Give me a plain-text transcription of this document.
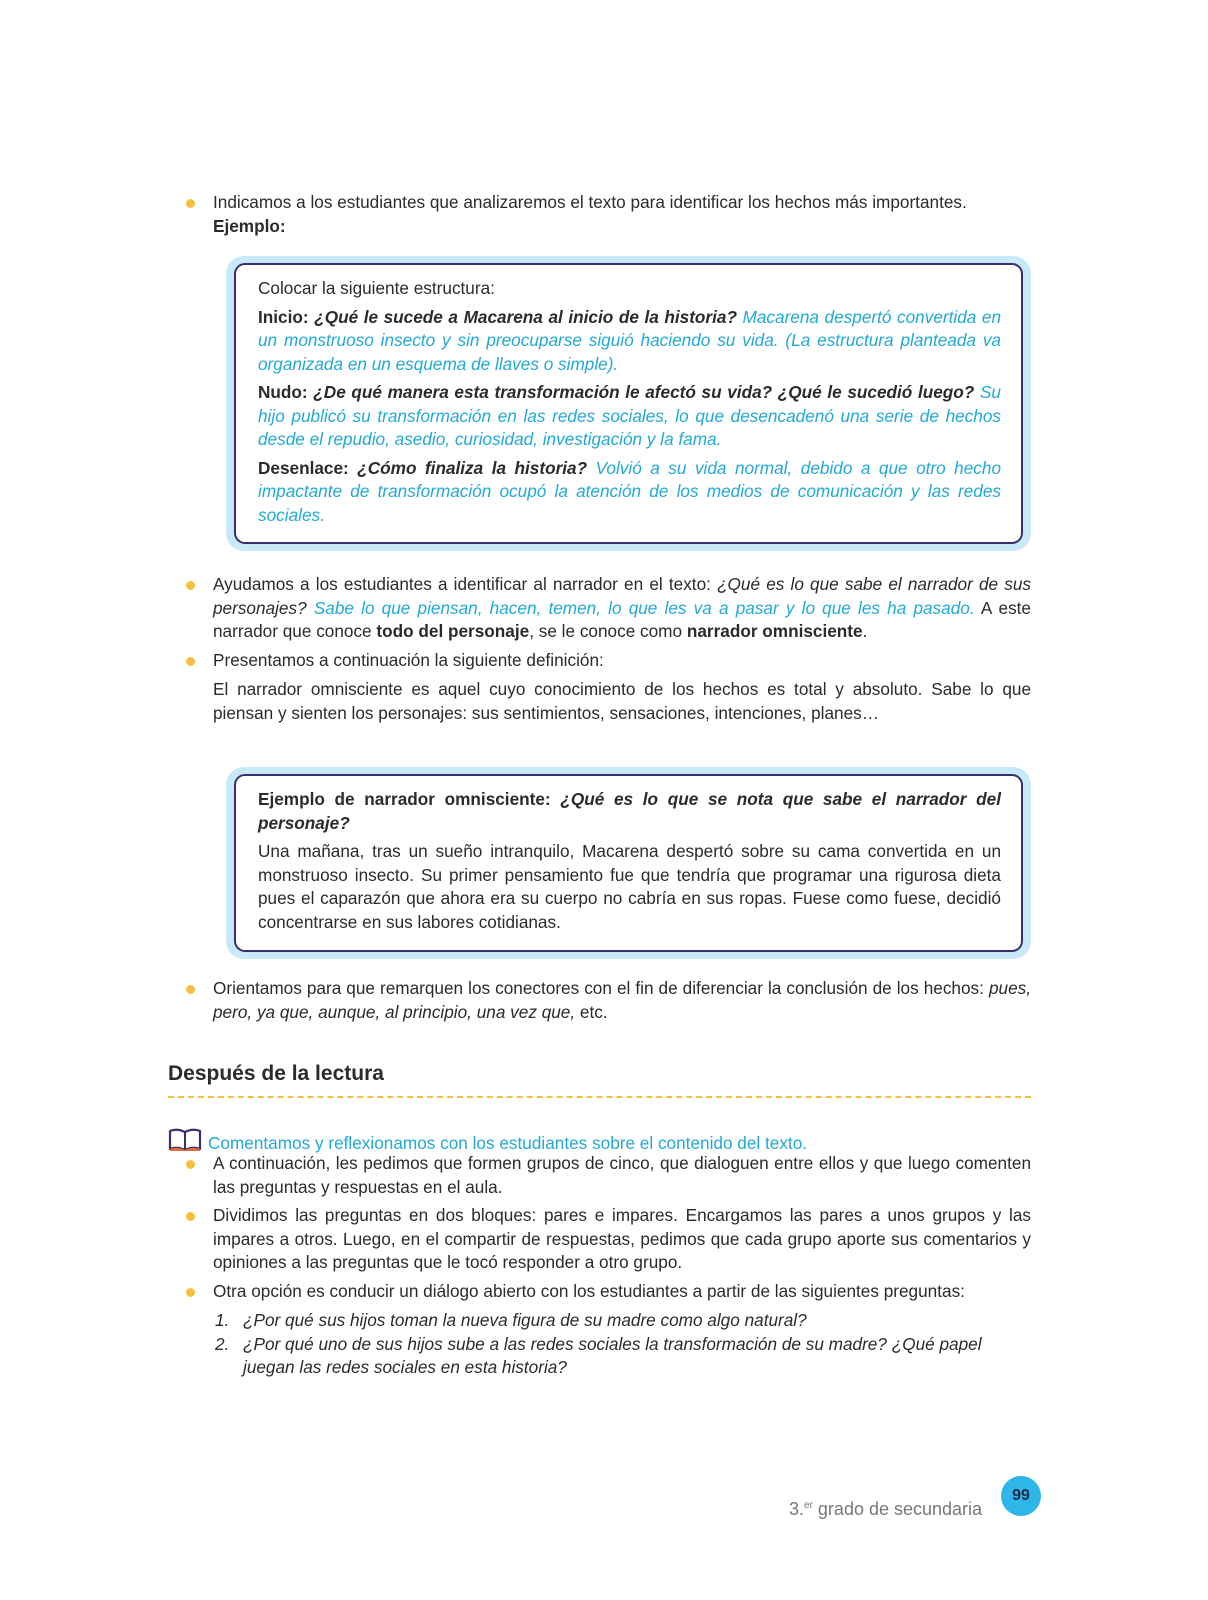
Indicamos a los estudiantes que analizaremos el texto para identificar los hechos más importantes.
Ejemplo:

Colocar la siguiente estructura:

Inicio: ¿Qué le sucede a Macarena al inicio de la historia? Macarena despertó convertida en un monstruoso insecto y sin preocuparse siguió haciendo su vida. (La estructura planteada va organizada en un esquema de llaves o simple).

Nudo: ¿De qué manera esta transformación le afectó su vida? ¿Qué le sucedió luego? Su hijo publicó su transformación en las redes sociales, lo que desencadenó una serie de hechos desde el repudio, asedio, curiosidad, investigación y la fama.

Desenlace: ¿Cómo finaliza la historia? Volvió a su vida normal, debido a que otro hecho impactante de transformación ocupó la atención de los medios de comunicación y las redes sociales.

Ayudamos a los estudiantes a identificar al narrador en el texto: ¿Qué es lo que sabe el narrador de sus personajes? Sabe lo que piensan, hacen, temen, lo que les va a pasar y lo que les ha pasado. A este narrador que conoce todo del personaje, se le conoce como narrador omnisciente.
Presentamos a continuación la siguiente definición:
El narrador omnisciente es aquel cuyo conocimiento de los hechos es total y absoluto. Sabe lo que piensan y sienten los personajes: sus sentimientos, sensaciones, intenciones, planes…

Ejemplo de narrador omnisciente: ¿Qué es lo que se nota que sabe el narrador del personaje?

Una mañana, tras un sueño intranquilo, Macarena despertó sobre su cama convertida en un monstruoso insecto. Su primer pensamiento fue que tendría que programar una rigurosa dieta pues el caparazón que ahora era su cuerpo no cabría en sus ropas. Fuese como fuese, decidió concentrarse en sus labores cotidianas.

Orientamos para que remarquen los conectores con el fin de diferenciar la conclusión de los hechos: pues, pero, ya que, aunque, al principio, una vez que, etc.
Después de la lectura
Comentamos y reflexionamos con los estudiantes sobre el contenido del texto.
A continuación, les pedimos que formen grupos de cinco, que dialoguen entre ellos y que luego comenten las preguntas y respuestas en el aula.
Dividimos las preguntas en dos bloques: pares e impares. Encargamos las pares a unos grupos y las impares a otros. Luego, en el compartir de respuestas, pedimos que cada grupo aporte sus comentarios y opiniones a las preguntas que le tocó responder a otro grupo.
Otra opción es conducir un diálogo abierto con los estudiantes a partir de las siguientes preguntas:
1. ¿Por qué sus hijos toman la nueva figura de su madre como algo natural?
2. ¿Por qué uno de sus hijos sube a las redes sociales la transformación de su madre? ¿Qué papel juegan las redes sociales en esta historia?
3.$^{er}$ grado de secundaria
99
